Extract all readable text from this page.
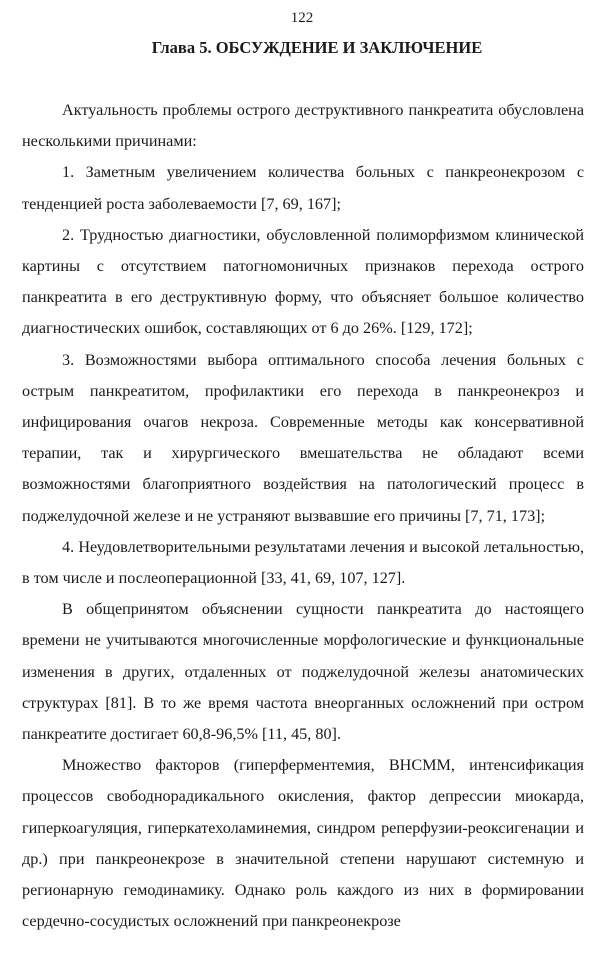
122
Глава 5. ОБСУЖДЕНИЕ И ЗАКЛЮЧЕНИЕ

Актуальность проблемы острого деструктивного панкреатита обусловлена несколькими причинами:

1. Заметным увеличением количества больных с панкреонекрозом с тенденцией роста заболеваемости [7, 69, 167];

2. Трудностью диагностики, обусловленной полиморфизмом клинической картины с отсутствием патогномоничных признаков перехода острого панкреатита в его деструктивную форму, что объясняет большое количество диагностических ошибок, составляющих от 6 до 26%. [129, 172];

3. Возможностями выбора оптимального способа лечения больных с острым панкреатитом, профилактики его перехода в панкреонекроз и инфицирования очагов некроза. Современные методы как консервативной терапии, так и хирургического вмешательства не обладают всеми возможностями благоприятного воздействия на патологический процесс в поджелудочной железе и не устраняют вызвавшие его причины [7, 71, 173];

4. Неудовлетворительными результатами лечения и высокой летальностью, в том числе и послеоперационной [33, 41, 69, 107, 127].

В общепринятом объяснении сущности панкреатита до настоящего времени не учитываются многочисленные морфологические и функциональные изменения в других, отдаленных от поджелудочной железы анатомических структурах [81]. В то же время частота внеорганных осложнений при остром панкреатите достигает 60,8-96,5% [11, 45, 80].

Множество факторов (гиперферментемия, ВНСММ, интенсификация процессов свободнорадикального окисления, фактор депрессии миокарда, гиперкоагуляция, гиперкатехоламинемия, синдром реперфузии-реоксигенации и др.) при панкреонекрозе в значительной степени нарушают системную и регионарную гемодинамику. Однако роль каждого из них в формировании сердечно-сосудистых осложнений при панкреонекрозе
